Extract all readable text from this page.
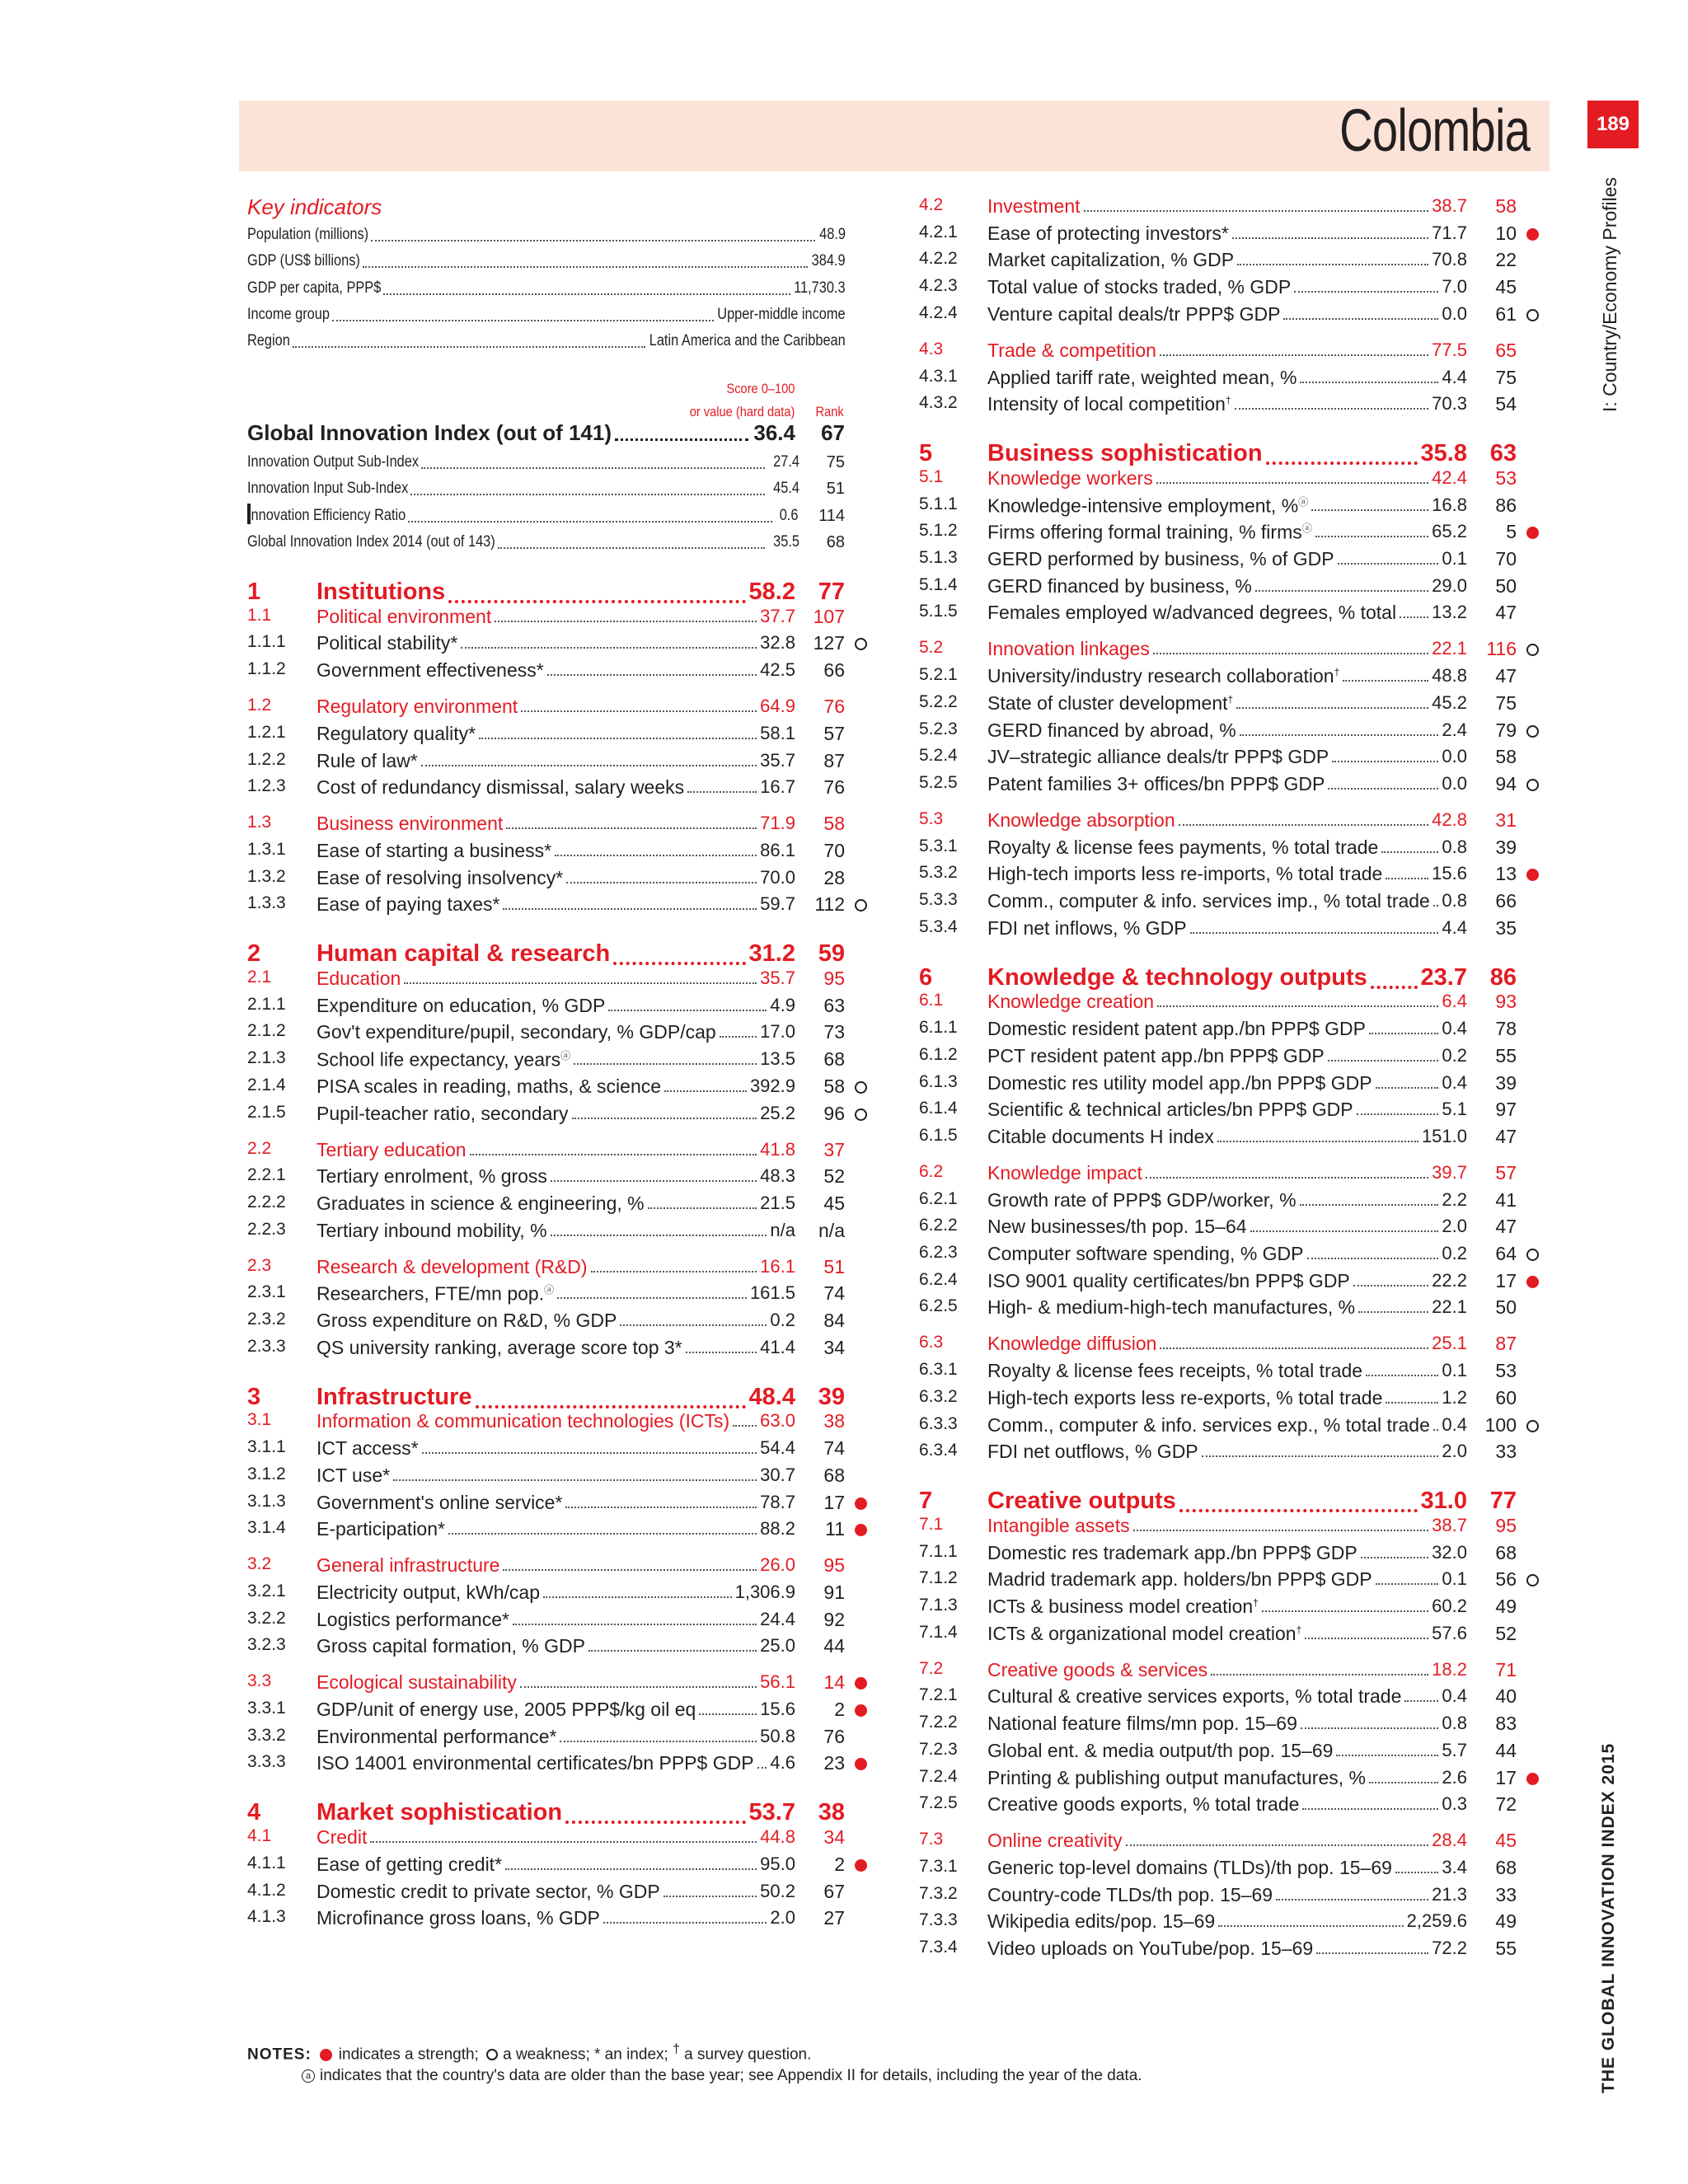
Colombia	189
I: Country/Economy Profiles
THE GLOBAL INNOVATION INDEX 2015
Key indicators
Population (millions)	48.9
GDP (US$ billions)	384.9
GDP per capita, PPP$	11,730.3
Income group	Upper-middle income
Region	Latin America and the Caribbean
Score 0–100
or value (hard data) Rank
Global Innovation Index (out of 141)	36.4 67
Innovation Output Sub-Index	27.4 75
Innovation Input Sub-Index	45.4 51
Innovation Efficiency Ratio	0.6 114
Global Innovation Index 2014 (out of 143)	35.5 68
1 Institutions	58.2 77
1.1 Political environment	37.7 107
1.1.1 Political stability*	32.8 127
1.1.2 Government effectiveness*	42.5 66
1.2 Regulatory environment	64.9 76
1.2.1 Regulatory quality*	58.1 57
1.2.2 Rule of law*	35.7 87
1.2.3 Cost of redundancy dismissal, salary weeks	16.7 76
1.3 Business environment	71.9 58
1.3.1 Ease of starting a business*	86.1 70
1.3.2 Ease of resolving insolvency*	70.0 28
1.3.3 Ease of paying taxes*	59.7 112
2 Human capital & research	31.2 59
2.1 Education	35.7 95
2.1.1 Expenditure on education, % GDP	4.9 63
2.1.2 Gov't expenditure/pupil, secondary, % GDP/cap 17.0 73
2.1.3 School life expectancy, yearsⓐ	13.5 68
2.1.4 PISA scales in reading, maths, & science	392.9 58
2.1.5 Pupil-teacher ratio, secondary	25.2 96
2.2 Tertiary education	41.8 37
2.2.1 Tertiary enrolment, % gross	48.3 52
2.2.2 Graduates in science & engineering, %	21.5 45
2.2.3 Tertiary inbound mobility, %	n/a n/a
2.3 Research & development (R&D)	16.1 51
2.3.1 Researchers, FTE/mn pop.ⓐ	161.5 74
2.3.2 Gross expenditure on R&D, % GDP	0.2 84
2.3.3 QS university ranking, average score top 3*	41.4 34
3 Infrastructure	48.4 39
3.1 Information & communication technologies (ICTs) 63.0 38
3.1.1 ICT access*	54.4 74
3.1.2 ICT use*	30.7 68
3.1.3 Government's online service*	78.7 17
3.1.4 E-participation*	88.2 11
3.2 General infrastructure	26.0 95
3.2.1 Electricity output, kWh/cap	1,306.9 91
3.2.2 Logistics performance*	24.4 92
3.2.3 Gross capital formation, % GDP	25.0 44
3.3 Ecological sustainability	56.1 14
3.3.1 GDP/unit of energy use, 2005 PPP$/kg oil eq	15.6 2
3.3.2 Environmental performance*	50.8 76
3.3.3 ISO 14001 environmental certificates/bn PPP$ GDP 4.6 23
4 Market sophistication	53.7 38
4.1 Credit	44.8 34
4.1.1 Ease of getting credit*	95.0 2
4.1.2 Domestic credit to private sector, % GDP	50.2 67
4.1.3 Microfinance gross loans, % GDP	2.0 27
4.2 Investment	38.7 58
4.2.1 Ease of protecting investors*	71.7 10
4.2.2 Market capitalization, % GDP	70.8 22
4.2.3 Total value of stocks traded, % GDP	7.0 45
4.2.4 Venture capital deals/tr PPP$ GDP	0.0 61
4.3 Trade & competition	77.5 65
4.3.1 Applied tariff rate, weighted mean, %	4.4 75
4.3.2 Intensity of local competition†	70.3 54
5 Business sophistication	35.8 63
5.1 Knowledge workers	42.4 53
5.1.1 Knowledge-intensive employment, %ⓐ	16.8 86
5.1.2 Firms offering formal training, % firmsⓐ	65.2 5
5.1.3 GERD performed by business, % of GDP	0.1 70
5.1.4 GERD financed by business, %	29.0 50
5.1.5 Females employed w/advanced degrees, % total 13.2 47
5.2 Innovation linkages	22.1 116
5.2.1 University/industry research collaboration†	48.8 47
5.2.2 State of cluster development†	45.2 75
5.2.3 GERD financed by abroad, %	2.4 79
5.2.4 JV–strategic alliance deals/tr PPP$ GDP	0.0 58
5.2.5 Patent families 3+ offices/bn PPP$ GDP	0.0 94
5.3 Knowledge absorption	42.8 31
5.3.1 Royalty & license fees payments, % total trade	0.8 39
5.3.2 High-tech imports less re-imports, % total trade	15.6 13
5.3.3 Comm., computer & info. services imp., % total trade 0.8 66
5.3.4 FDI net inflows, % GDP	4.4 35
6 Knowledge & technology outputs 23.7 86
6.1 Knowledge creation	6.4 93
6.1.1 Domestic resident patent app./bn PPP$ GDP	0.4 78
6.1.2 PCT resident patent app./bn PPP$ GDP	0.2 55
6.1.3 Domestic res utility model app./bn PPP$ GDP	0.4 39
6.1.4 Scientific & technical articles/bn PPP$ GDP	5.1 97
6.1.5 Citable documents H index	151.0 47
6.2 Knowledge impact	39.7 57
6.2.1 Growth rate of PPP$ GDP/worker, %	2.2 41
6.2.2 New businesses/th pop. 15–64	2.0 47
6.2.3 Computer software spending, % GDP	0.2 64
6.2.4 ISO 9001 quality certificates/bn PPP$ GDP	22.2 17
6.2.5 High- & medium-high-tech manufactures, %	22.1 50
6.3 Knowledge diffusion	25.1 87
6.3.1 Royalty & license fees receipts, % total trade	0.1 53
6.3.2 High-tech exports less re-exports, % total trade	1.2 60
6.3.3 Comm., computer & info. services exp., % total trade 0.4 100
6.3.4 FDI net outflows, % GDP	2.0 33
7 Creative outputs	31.0 77
7.1 Intangible assets	38.7 95
7.1.1 Domestic res trademark app./bn PPP$ GDP	32.0 68
7.1.2 Madrid trademark app. holders/bn PPP$ GDP	0.1 56
7.1.3 ICTs & business model creation†	60.2 49
7.1.4 ICTs & organizational model creation†	57.6 52
7.2 Creative goods & services	18.2 71
7.2.1 Cultural & creative services exports, % total trade 0.4 40
7.2.2 National feature films/mn pop. 15–69	0.8 83
7.2.3 Global ent. & media output/th pop. 15–69	5.7 44
7.2.4 Printing & publishing output manufactures, %	2.6 17
7.2.5 Creative goods exports, % total trade	0.3 72
7.3 Online creativity	28.4 45
7.3.1 Generic top-level domains (TLDs)/th pop. 15–69	3.4 68
7.3.2 Country-code TLDs/th pop. 15–69	21.3 33
7.3.3 Wikipedia edits/pop. 15–69	2,259.6 49
7.3.4 Video uploads on YouTube/pop. 15–69	72.2 55
NOTES: indicates a strength; a weakness; * an index; † a survey question.
a indicates that the country's data are older than the base year; see Appendix II for details, including the year of the data.
